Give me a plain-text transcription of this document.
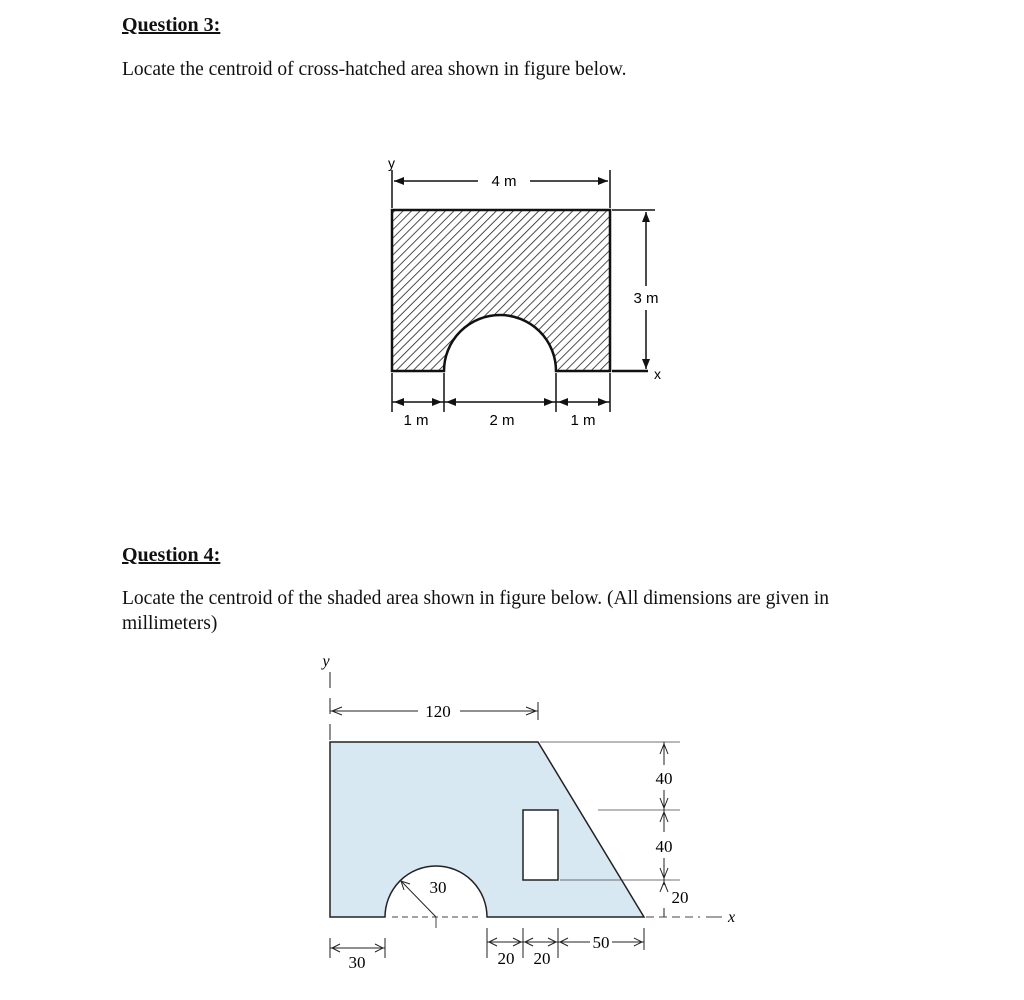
Question 3:

Locate the centroid of cross-hatched area shown in figure below.

y
4 m
3 m
x
1 m	2 m	1 m
Question 4:

Locate the centroid of the shaded area shown in figure below. (All dimensions are given in millimeters)

y
120
x
40
40
20
30
30	20 20
50
